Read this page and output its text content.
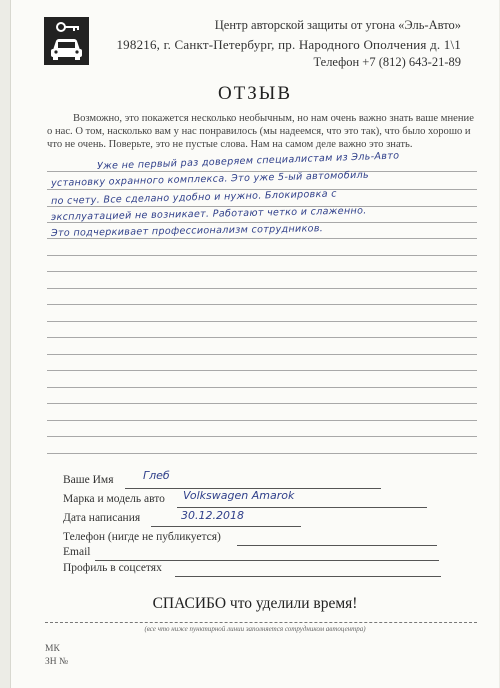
Центр авторской защиты от угона «Эль-Авто»
198216, г. Санкт-Петербург, пр. Народного Ополчения д. 1\1
Телефон +7 (812) 643-21-89
ОТЗЫВ
Возможно, это покажется несколько необычным, но нам очень важно знать ваше мнение о нас. О том, насколько вам у нас понравилось (мы надеемся, что это так), что было хорошо и что не очень. Поверьте, это не пустые слова. Нам на самом деле важно это знать.
Уже не первый раз доверяем специалистам из Эль-Авто
установку охранного комплекса. Это уже 5-ый автомобиль
по счету. Все сделано удобно и нужно. Блокировка с
эксплуатацией не возникает. Работают четко и слаженно.
Это подчеркивает профессионализм сотрудников.
Ваше Имя	Глеб
Марка и модель авто Volkswagen Amarok
Дата написания	30.12.2018
Телефон (нигде не публикуется)
Email
Профиль в соцсетях
СПАСИБО что уделили время!
(все что ниже пунктирной линии заполняется сотрудником автоцентра)
МК
ЗН №
